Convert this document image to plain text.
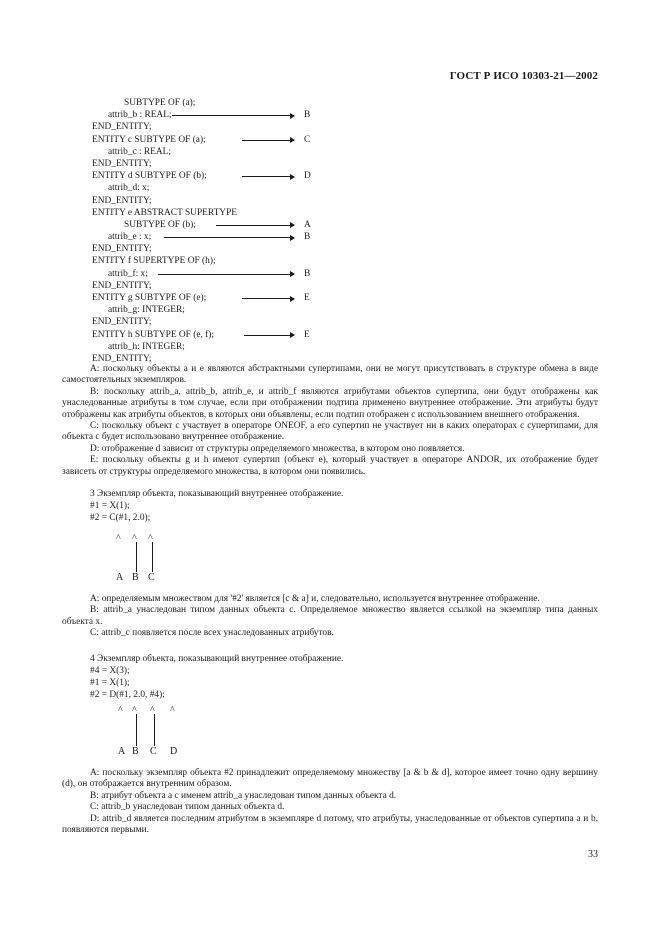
ГОСТ Р ИСО 10303-21—2002
SUBTYPE OF (a);
attrib_b : REAL;	B
END_ENTITY;
ENTITY c SUBTYPE OF (a);	C
attrib_c : REAL;
END_ENTITY;
ENTITY d SUBTYPE OF (b);	D
attrib_d: x;
END_ENTITY;
ENTITY e ABSTRACT SUPERTYPE
SUBTYPE OF (b);	A
attrib_e : x;	B
END_ENTITY;
ENTITY f SUPERTYPE OF (h);
attrib_f: x;	B
END_ENTITY;
ENTITY g SUBTYPE OF (e);	E
attrib_g: INTEGER;
END_ENTITY;
ENTITY h SUBTYPE OF (e, f);	E
attrib_h: INTEGER;
END_ENTITY;
A: поскольку объекты a и e являются абстрактными супертипами, они не могут присутствовать в структуре обмена в виде самостоятельных экземпляров.
B: поскольку attrib_a, attrib_b, attrib_e, и attrib_f являются атрибутами объектов супертипа, они будут отображены как унаследованные атрибуты в том случае, если при отображении подтипа применено внутреннее отображение. Эти атрибуты будут отображены как атрибуты объектов, в которых они объявлены, если подтип отображен с использованием внешнего отображения.
C: поскольку объект c участвует в операторе ONEOF, а его супертип не участвует ни в каких операторах с супертипами, для объекта c будет использовано внутреннее отображение.
D: отображение d зависит от структуры определяемого множества, в котором оно появляется.
E: поскольку объекты g и h имеют супертип (объект e), который участвует в операторе ANDOR, их отображение будет зависеть от структуры определяемого множества, в котором они появились.
3 Экземпляр объекта, показывающий внутреннее отображение.
#1 = X(1);
#2 = C(#1, 2.0);
^ ^ ^
A B C
A: определяемым множеством для '#2' является [c & a] и, следовательно, используется внутреннее отображение.
B: attrib_a унаследован типом данных объекта c. Определяемое множество является ссылкой на экземпляр типа данных объекта x.
C: attrib_c появляется после всех унаследованных атрибутов.
4 Экземпляр объекта, показывающий внутреннее отображение.
#4 = X(3);
#1 = X(1);
#2 = D(#1, 2.0, #4);
^ ^ ^ ^
A B C D
A: поскольку экземпляр объекта #2 принадлежит определяемому множеству [a & b & d], которое имеет точно одну вершину (d), он отображается внутренним образом.
B: атрибут объекта a с именем attrib_a унаследован типом данных объекта d.
C: attrib_b унаследован типом данных объекта d.
D: attrib_d является последним атрибутом в экземпляре d потому, что атрибуты, унаследованные от объектов супертипа a и b, появляются первыми.
33
